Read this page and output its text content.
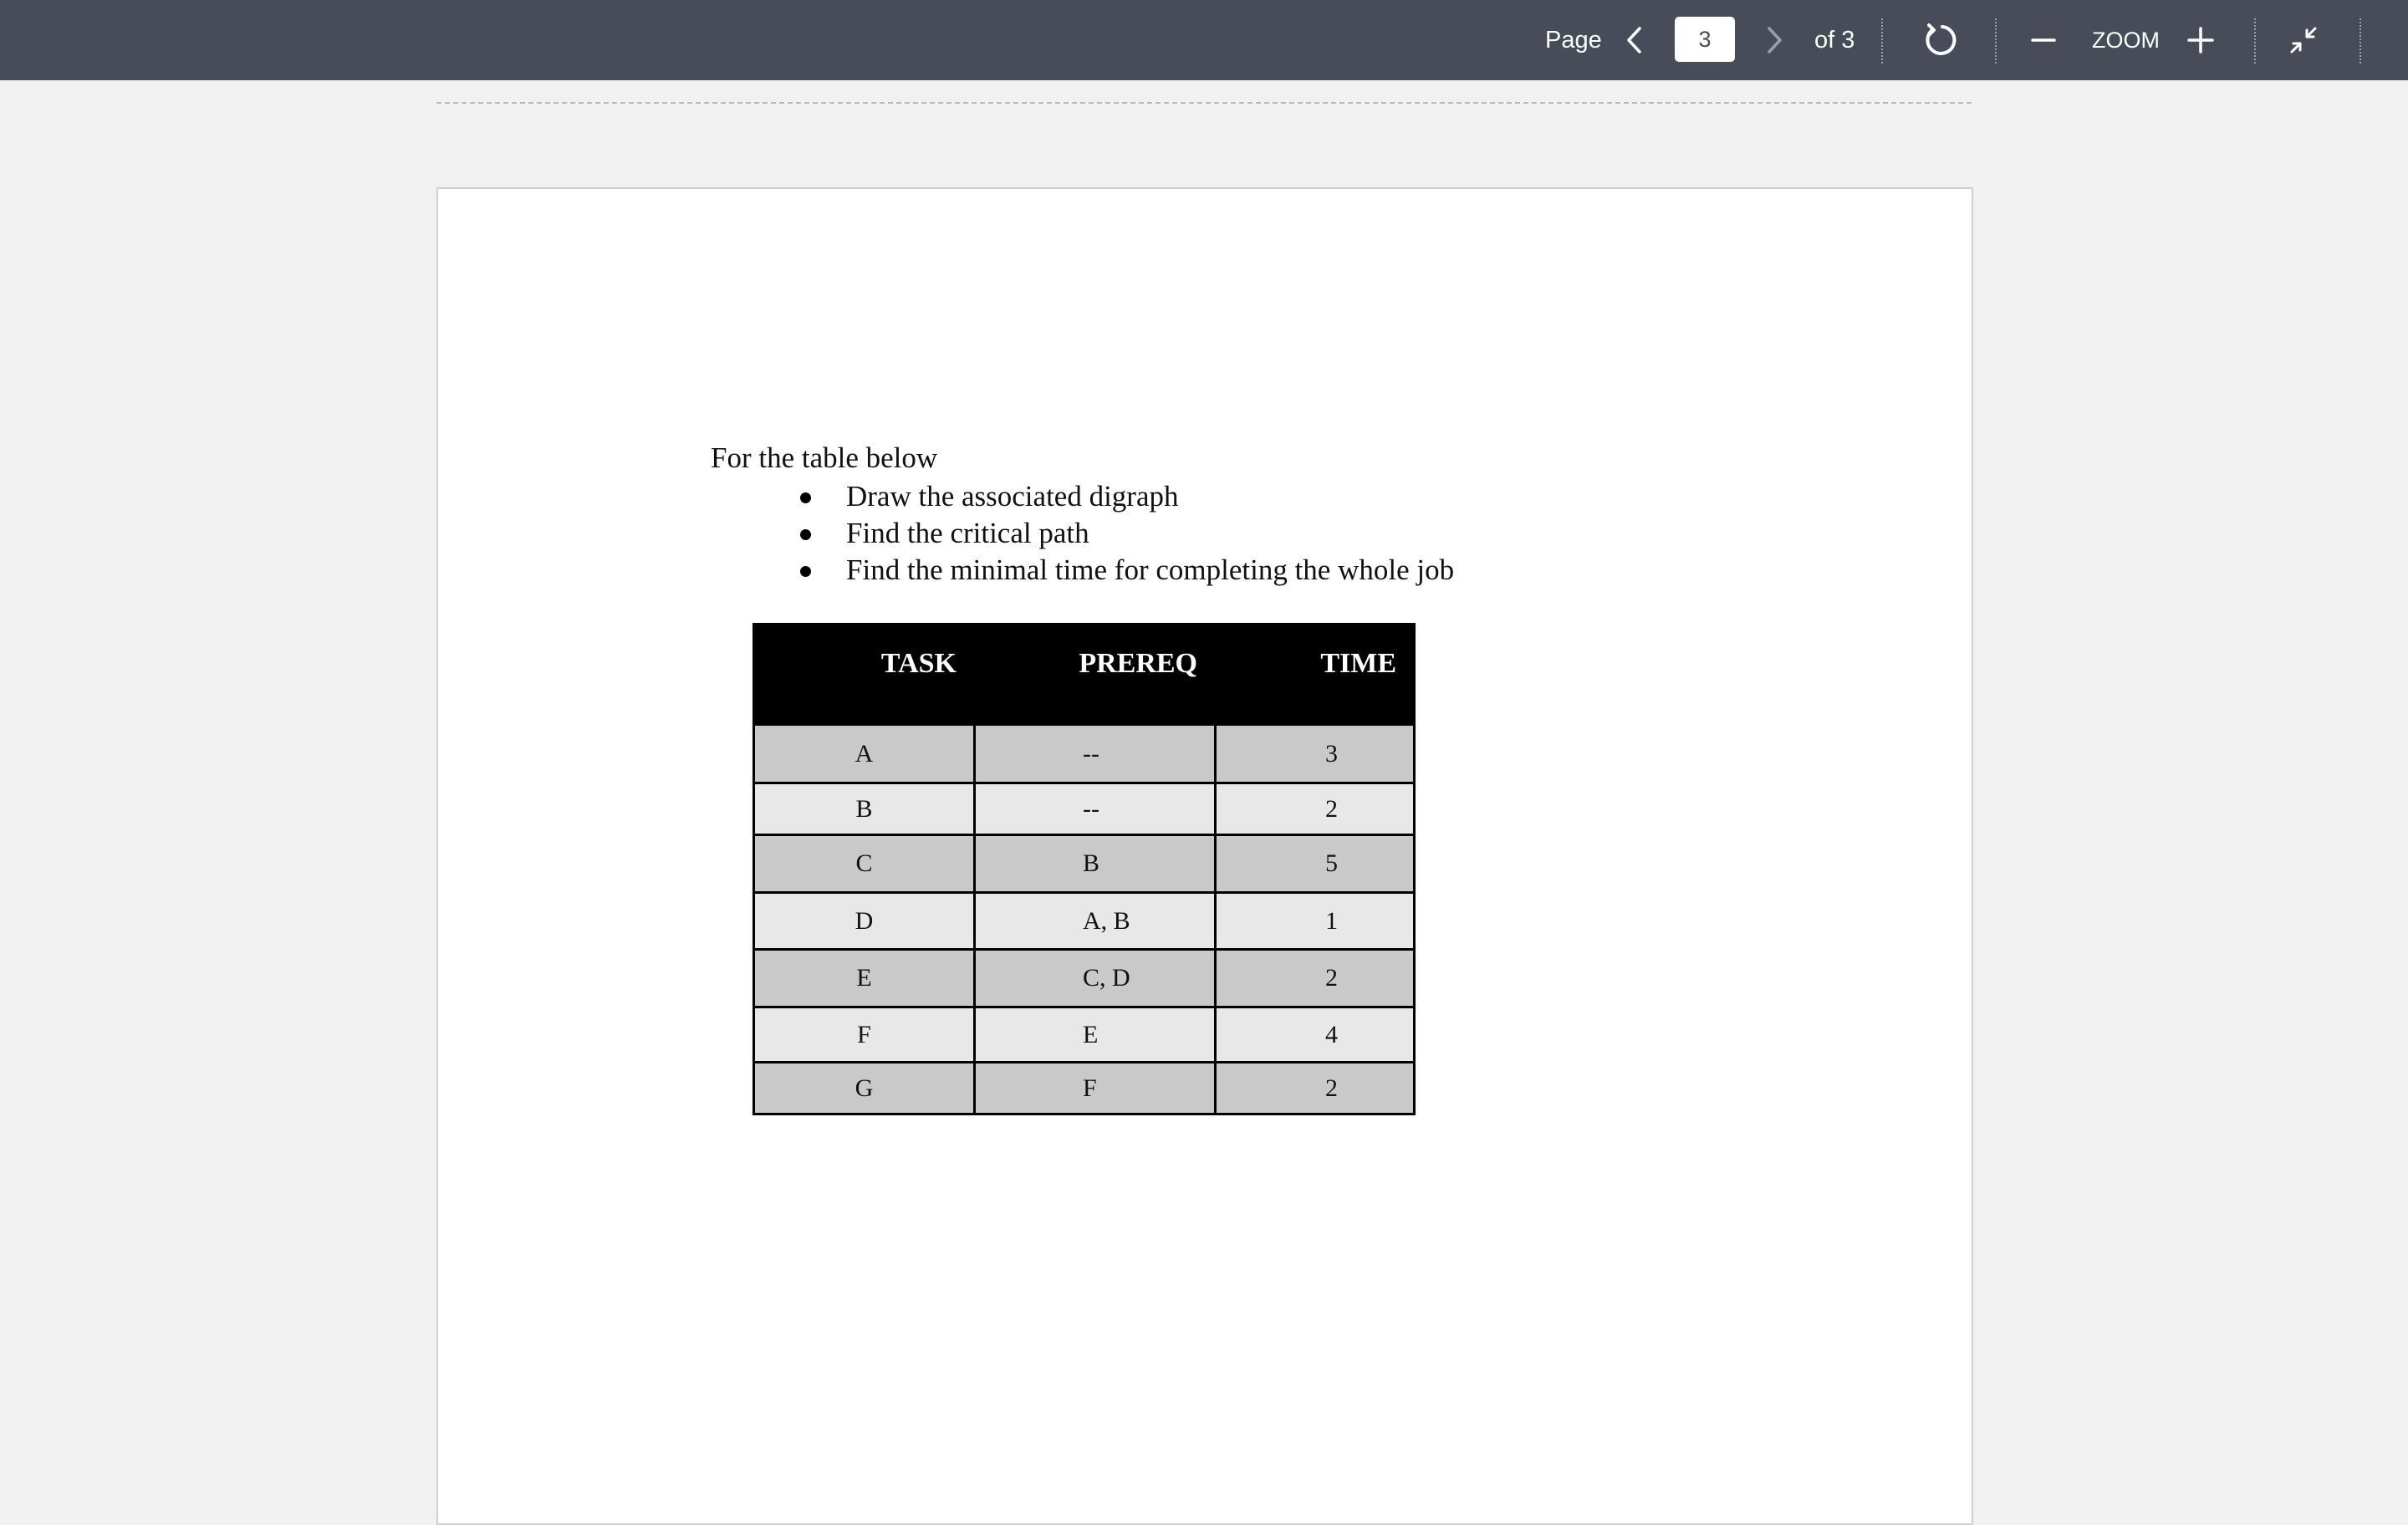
Page
3	of 3	ZOOM
For the table below
Draw the associated digraph
Find the critical path
Find the minimal time for completing the whole job
TASK	PREREQ	TIME
A	--	3
B	--	2
C	B	5
D	A, B	1
E	C, D	2
F	E	4
G	F	2
